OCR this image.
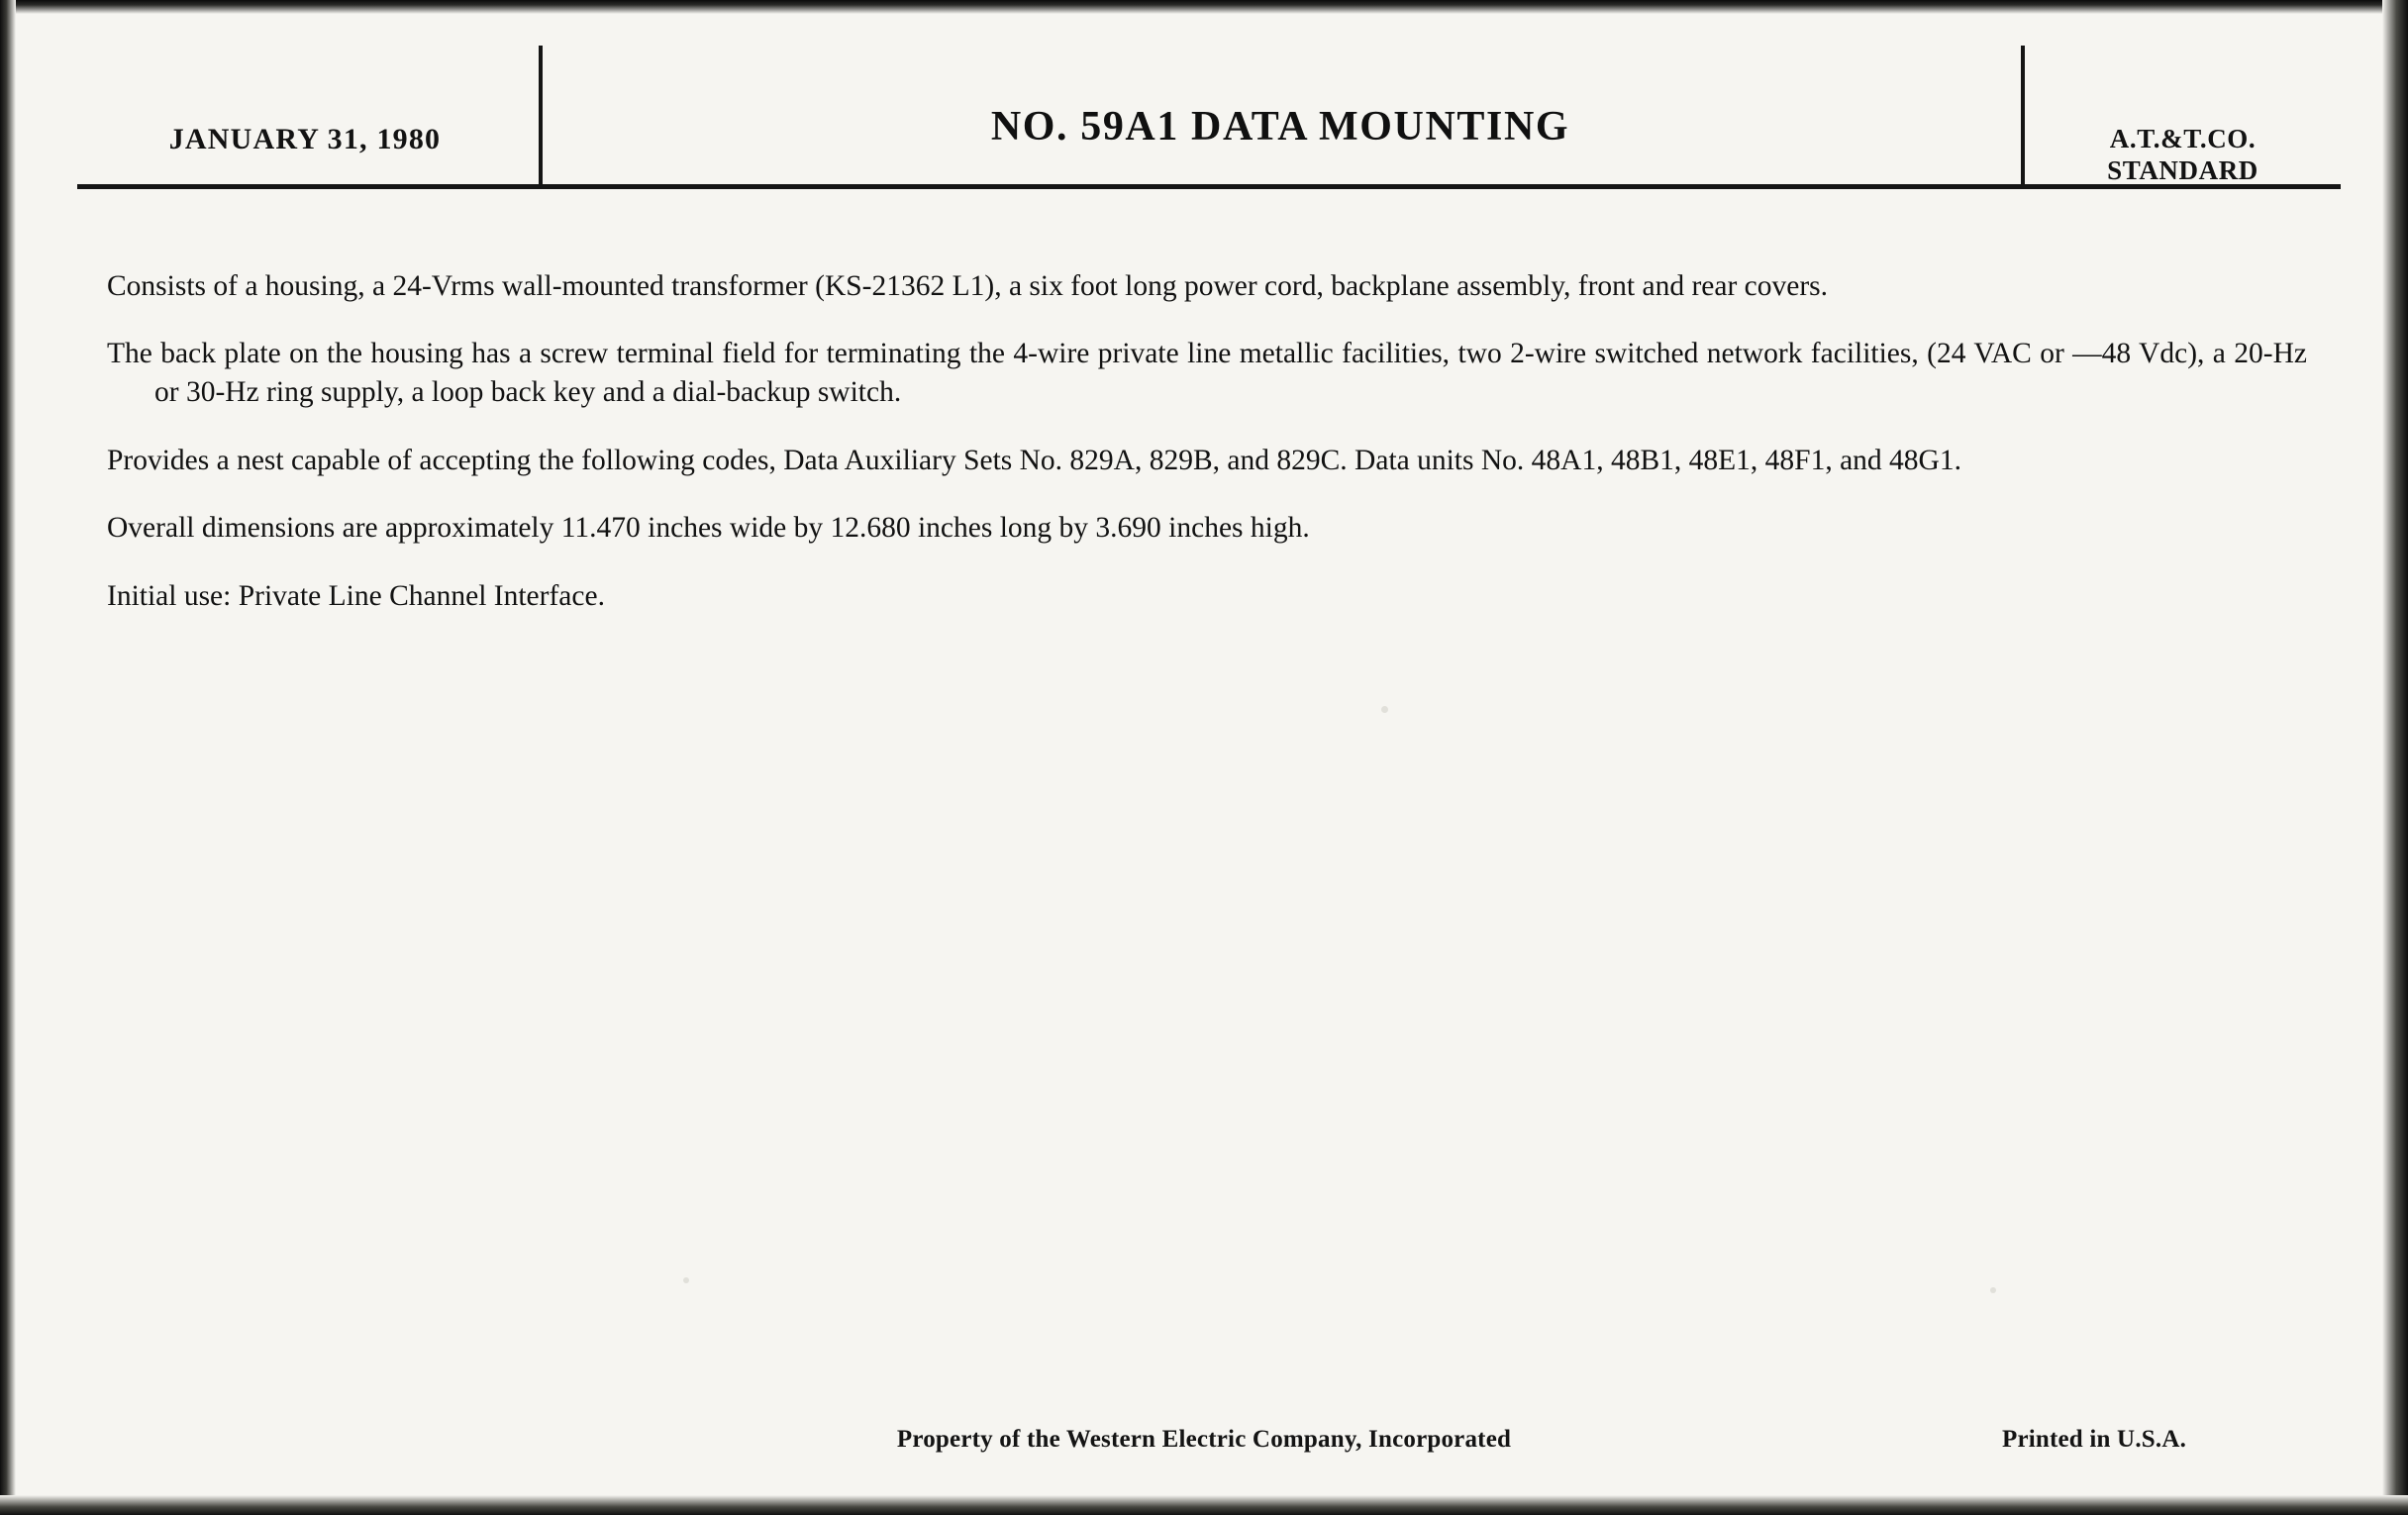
JANUARY 31, 1980	NO. 59A1 DATA MOUNTING	A.T.&T.CO.
STANDARD

Consists of a housing, a 24-Vrms wall-mounted transformer (KS-21362 L1), a six foot long power cord, backplane assembly, front and rear covers.

The back plate on the housing has a screw terminal field for terminating the 4-wire private line metallic facilities, two 2-wire switched network facilities, (24 VAC or —48 Vdc), a 20-Hz or 30-Hz ring supply, a loop back key and a dial-backup switch.

Provides a nest capable of accepting the following codes, Data Auxiliary Sets No. 829A, 829B, and 829C. Data units No. 48A1, 48B1, 48E1, 48F1, and 48G1.

Overall dimensions are approximately 11.470 inches wide by 12.680 inches long by 3.690 inches high.

Initial use: Private Line Channel Interface.

Property of the Western Electric Company, Incorporated	Printed in U.S.A.
